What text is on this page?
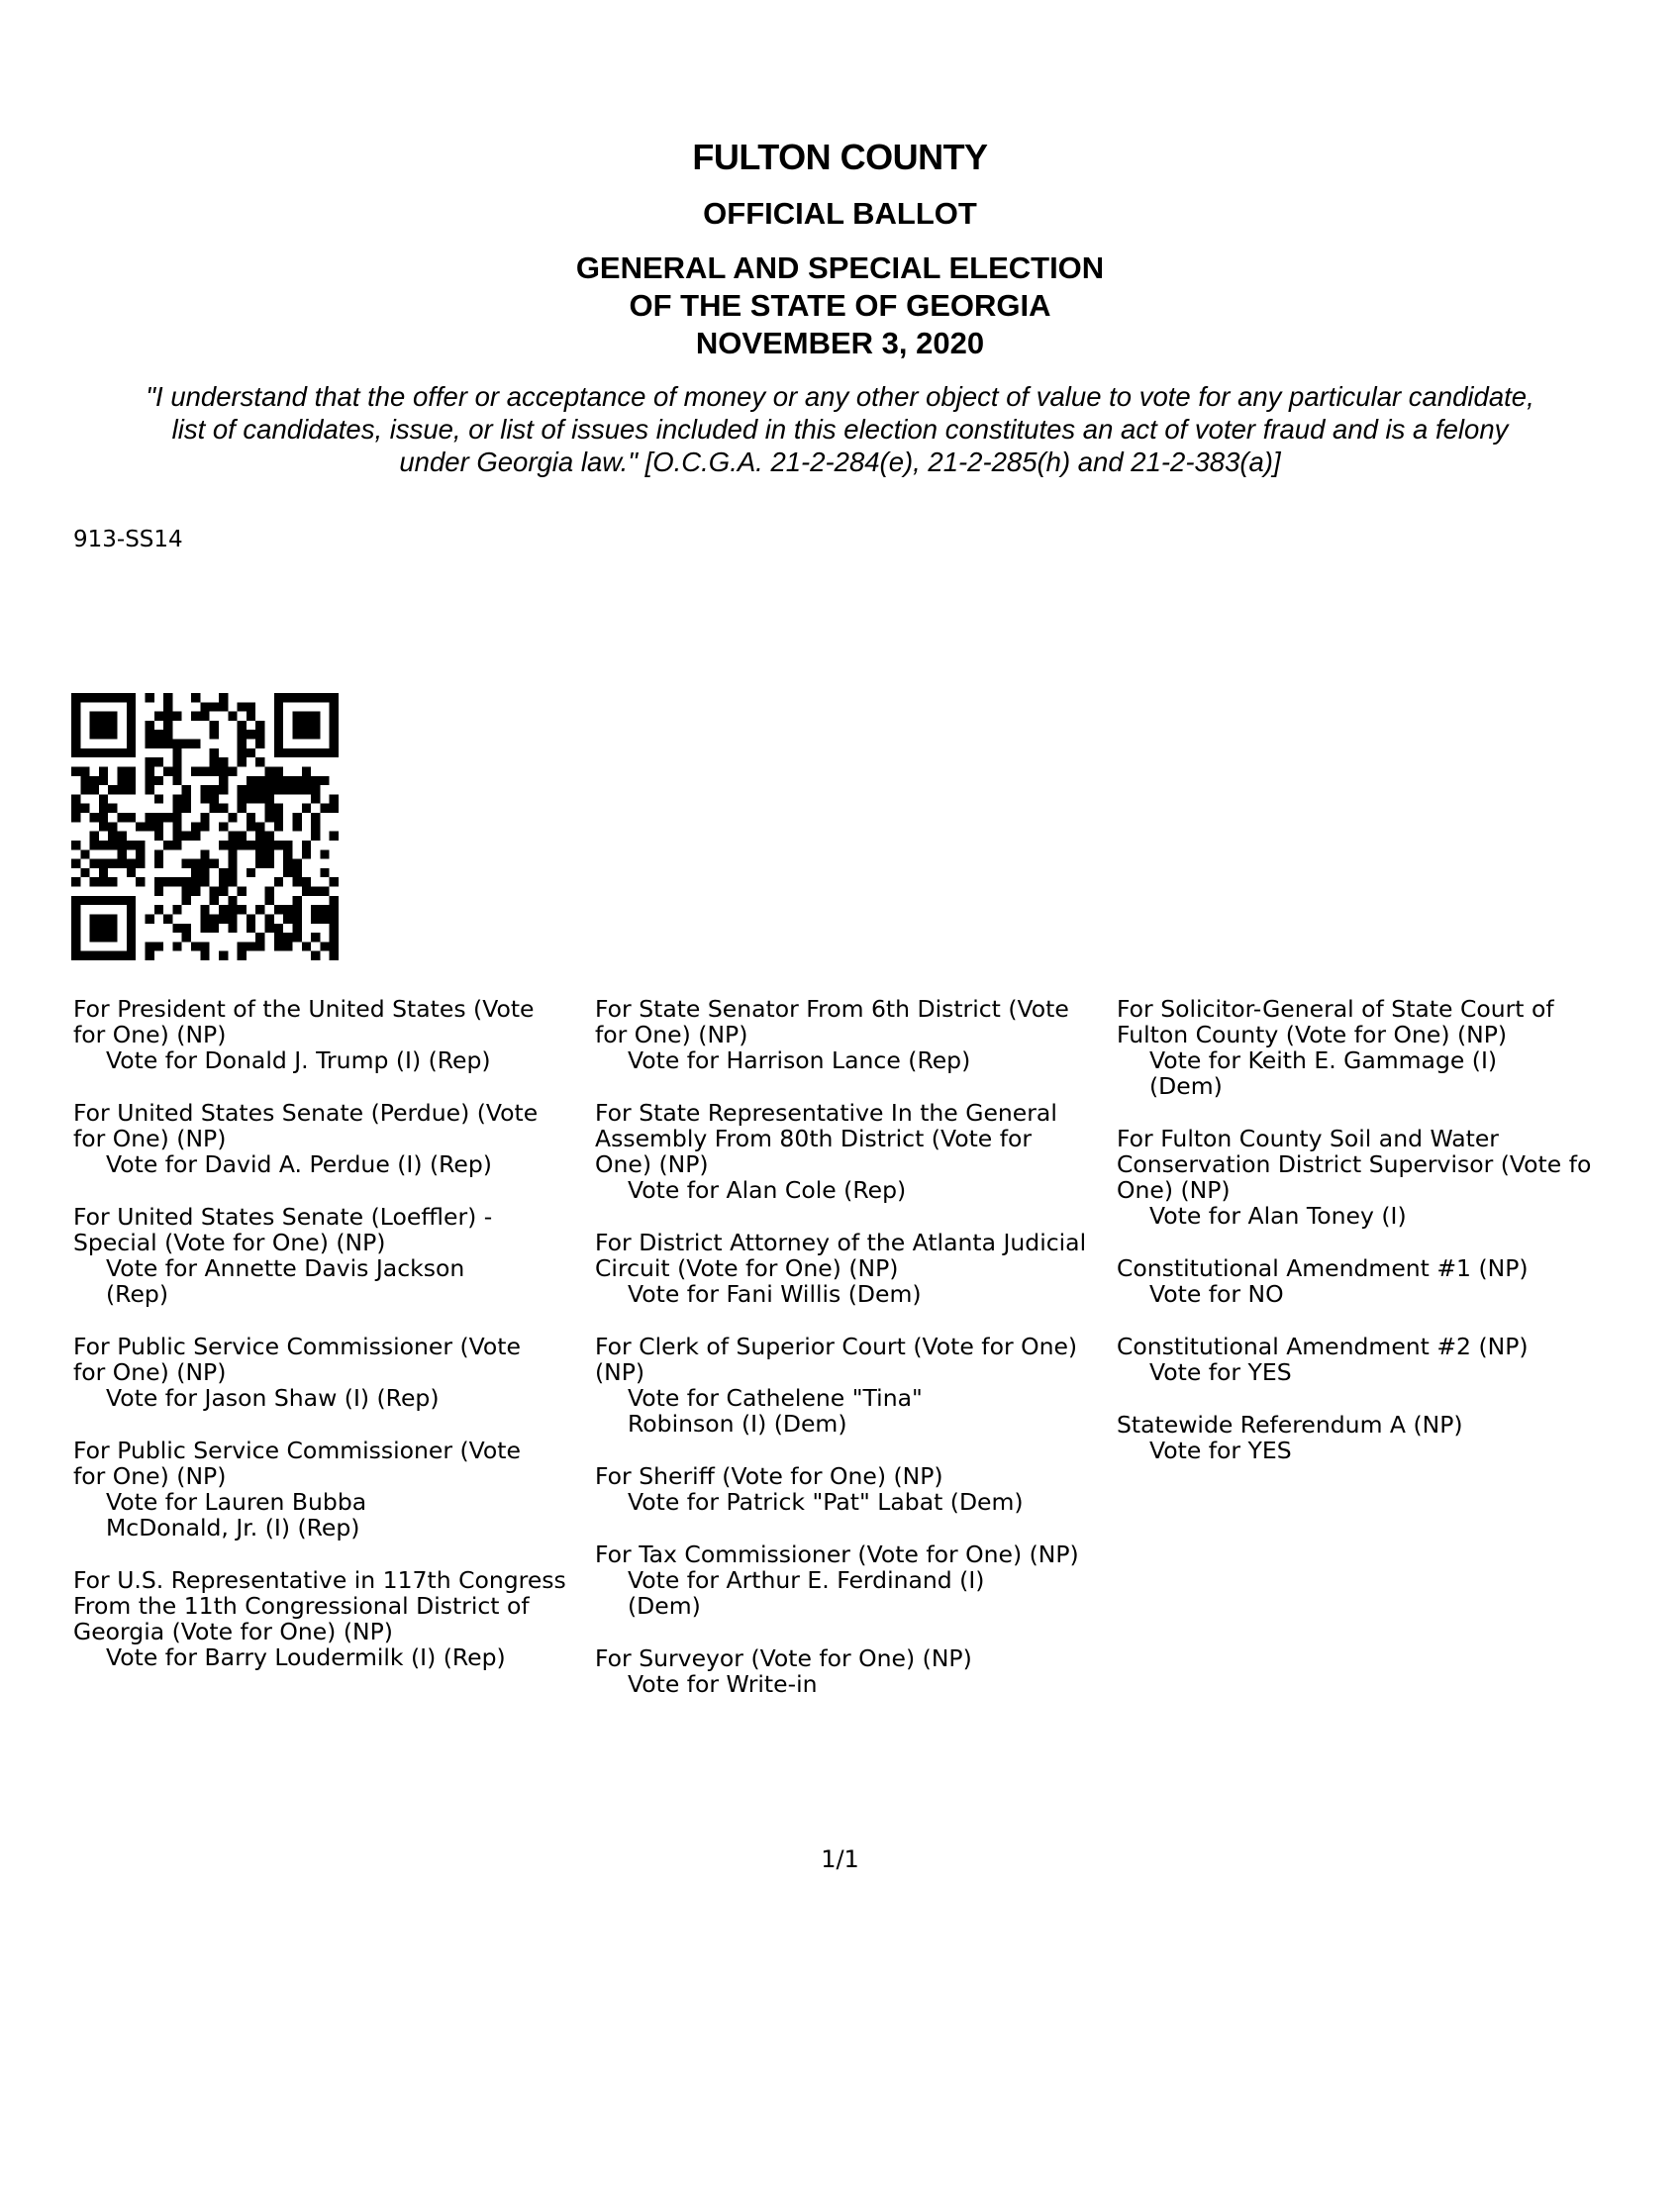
FULTON COUNTY
OFFICIAL BALLOT
GENERAL AND SPECIAL ELECTION
OF THE STATE OF GEORGIA
NOVEMBER 3, 2020
"I understand that the offer or acceptance of money or any other object of value to vote for any particular candidate,
list of candidates, issue, or list of issues included in this election constitutes an act of voter fraud and is a felony
under Georgia law." [O.C.G.A. 21-2-284(e), 21-2-285(h) and 21-2-383(a)]
913-SS14
For President of the United States (Vote
for One) (NP)
Vote for Donald J. Trump (I) (Rep)
For United States Senate (Perdue) (Vote
for One) (NP)
Vote for David A. Perdue (I) (Rep)
For United States Senate (Loeffler) -
Special (Vote for One) (NP)
Vote for Annette Davis Jackson
(Rep)
For Public Service Commissioner (Vote
for One) (NP)
Vote for Jason Shaw (I) (Rep)
For Public Service Commissioner (Vote
for One) (NP)
Vote for Lauren Bubba
McDonald, Jr. (I) (Rep)
For U.S. Representative in 117th Congress
From the 11th Congressional District of
Georgia (Vote for One) (NP)
Vote for Barry Loudermilk (I) (Rep)
For State Senator From 6th District (Vote
for One) (NP)
Vote for Harrison Lance (Rep)
For State Representative In the General
Assembly From 80th District (Vote for
One) (NP)
Vote for Alan Cole (Rep)
For District Attorney of the Atlanta Judicial
Circuit (Vote for One) (NP)
Vote for Fani Willis (Dem)
For Clerk of Superior Court (Vote for One)
(NP)
Vote for Cathelene "Tina"
Robinson (I) (Dem)
For Sheriff (Vote for One) (NP)
Vote for Patrick "Pat" Labat (Dem)
For Tax Commissioner (Vote for One) (NP)
Vote for Arthur E. Ferdinand (I)
(Dem)
For Surveyor (Vote for One) (NP)
Vote for Write-in
For Solicitor-General of State Court of
Fulton County (Vote for One) (NP)
Vote for Keith E. Gammage (I)
(Dem)
For Fulton County Soil and Water
Conservation District Supervisor (Vote fo
One) (NP)
Vote for Alan Toney (I)
Constitutional Amendment #1 (NP)
Vote for NO
Constitutional Amendment #2 (NP)
Vote for YES
Statewide Referendum A (NP)
Vote for YES
1/1
